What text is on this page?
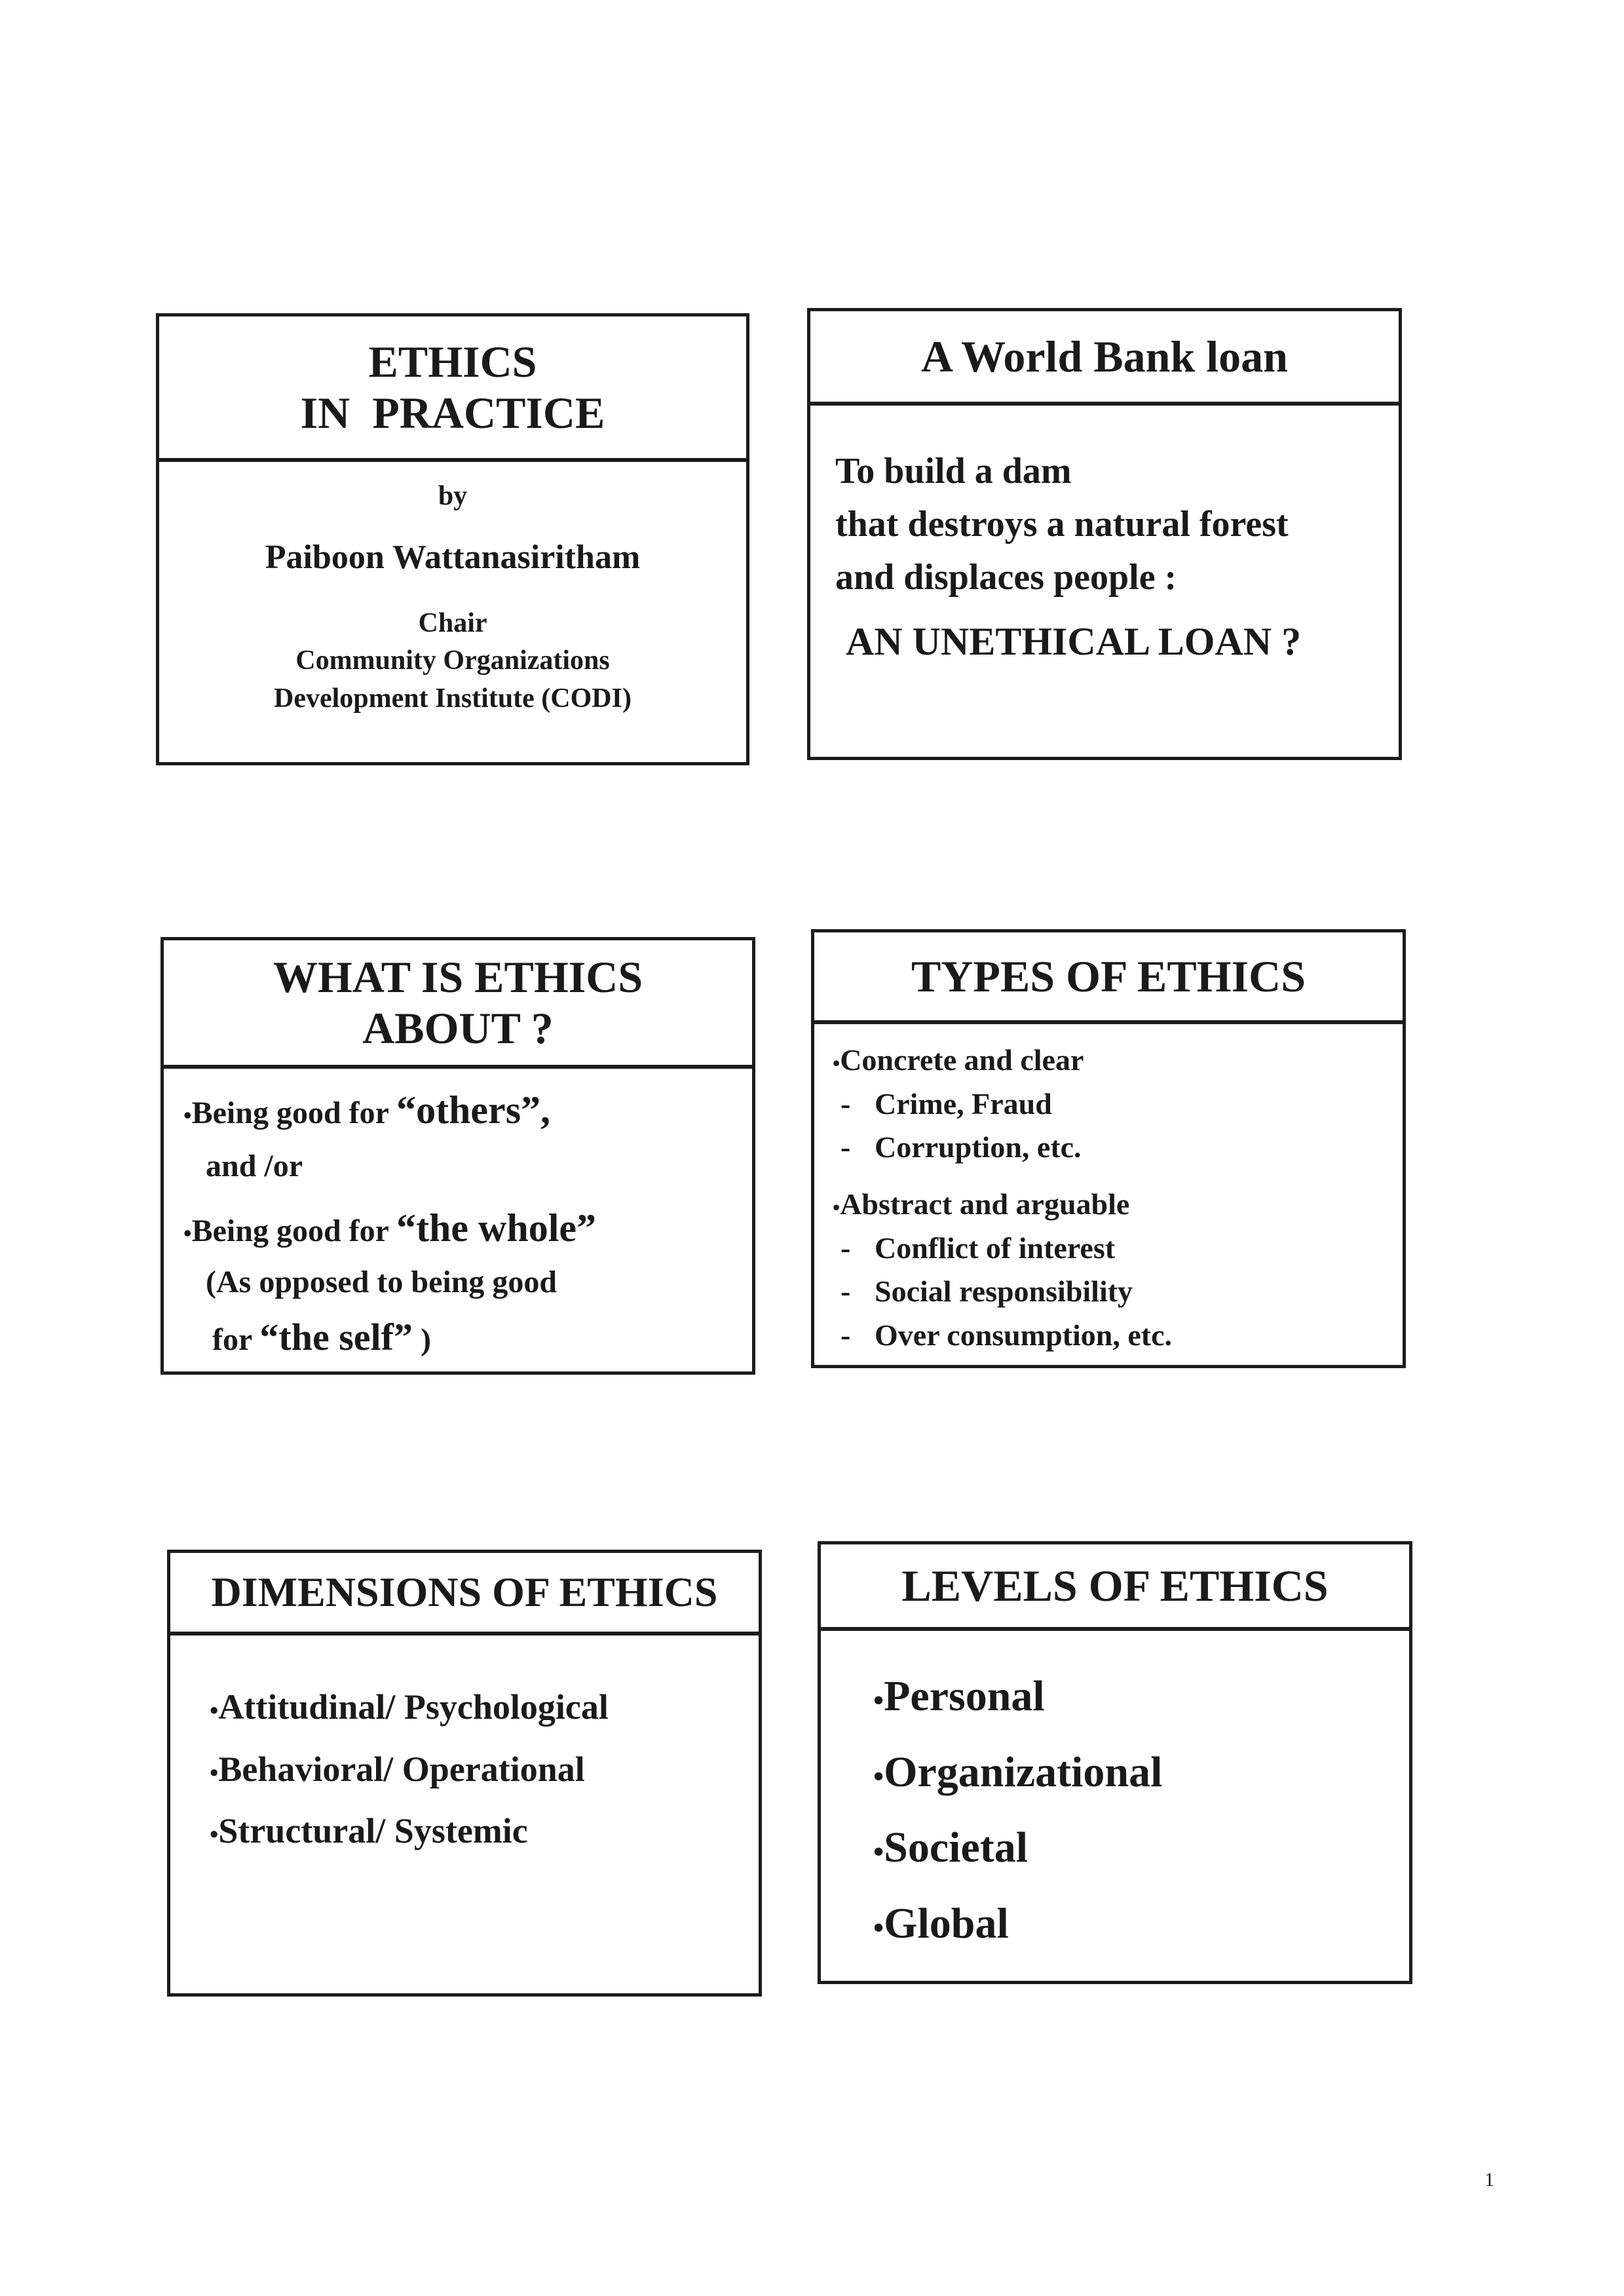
ETHICS
IN  PRACTICE
by
Paiboon Wattanasiritham
Chair
Community Organizations
Development Institute (CODI)
A World Bank loan
To build a dam
that destroys a natural forest
and displaces people :
AN UNETHICAL LOAN ?
WHAT IS ETHICS
ABOUT ?
• Being good for “others”,
and /or
• Being good for “the whole”
(As opposed to being good
for “the self” )
TYPES OF ETHICS
• Concrete and clear
- Crime, Fraud
- Corruption, etc.
• Abstract and arguable
- Conflict of interest
- Social responsibility
- Over consumption, etc.
DIMENSIONS OF ETHICS
• Attitudinal/ Psychological
• Behavioral/ Operational
• Structural/ Systemic
LEVELS OF ETHICS
• Personal
• Organizational
• Societal
• Global
1
